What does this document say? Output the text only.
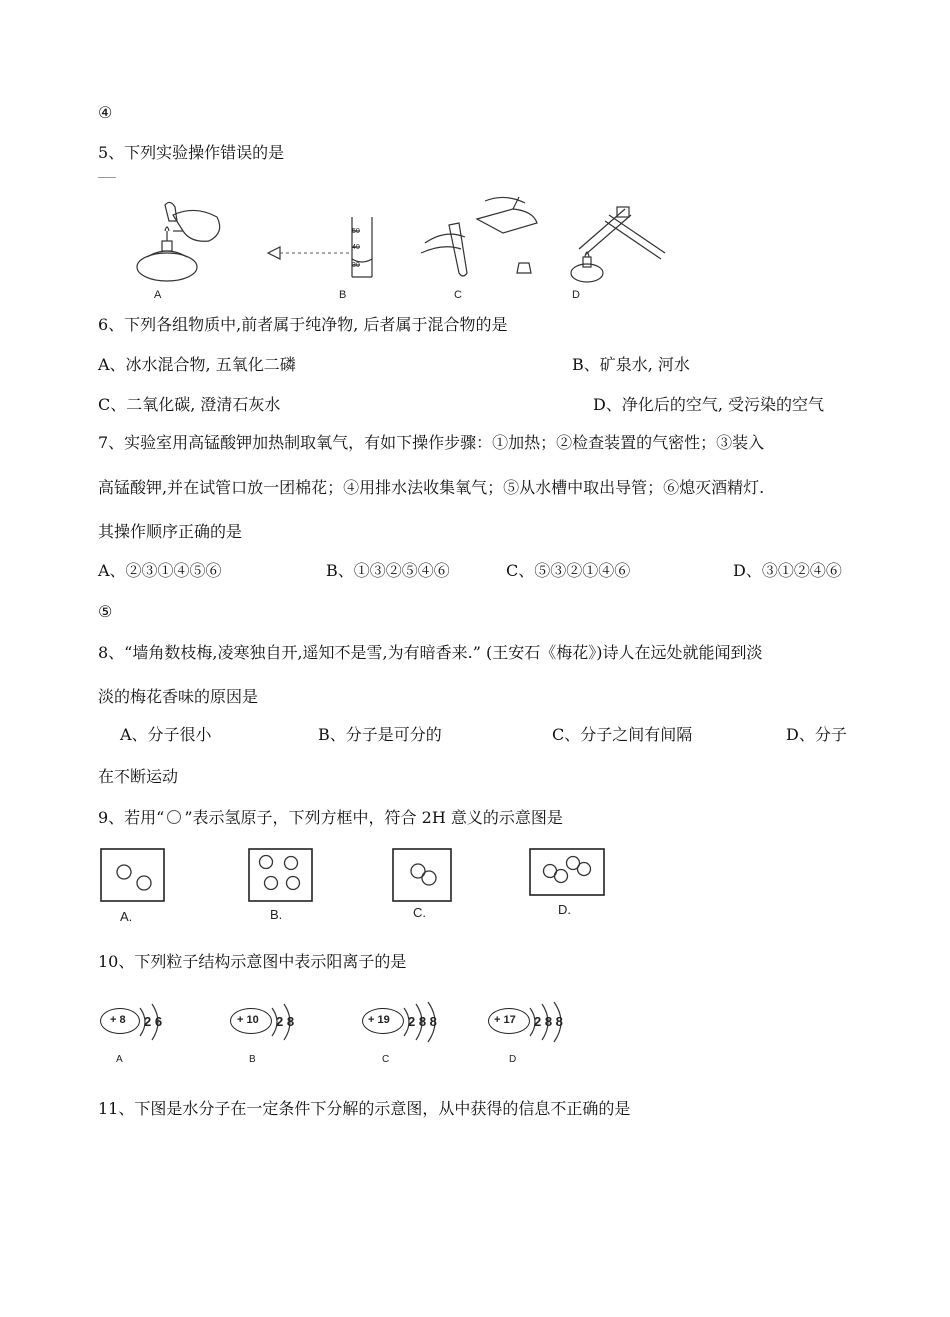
④
5、下列实验操作错误的是
A
50
40
30
B	C	D
6、下列各组物质中,前者属于纯净物, 后者属于混合物的是
A、冰水混合物, 五氧化二磷	B、矿泉水, 河水
C、二氧化碳, 澄清石灰水	D、净化后的空气, 受污染的空气
7、实验室用高锰酸钾加热制取氧气，有如下操作步骤：①加热；②检查装置的气密性；③装入
高锰酸钾,并在试管口放一团棉花；④用排水法收集氧气；⑤从水槽中取出导管；⑥熄灭酒精灯.
其操作顺序正确的是
A、②③①④⑤⑥	B、①③②⑤④⑥	C、⑤③②①④⑥	D、③①②④⑥
⑤
8、“墙角数枝梅,凌寒独自开,遥知不是雪,为有暗香来.” (王安石《梅花》)诗人在远处就能闻到淡
淡的梅花香味的原因是
A、分子很小	B、分子是可分的	C、分子之间有间隔	D、分子
在不断运动
9、若用“ ”表示氢原子，下列方框中，符合 2H 意义的示意图是
A.	B.	C.	D.
10、下列粒子结构示意图中表示阳离子的是
+ 8 2 6
A
+ 10 2 8
B
+ 19 2 8 8
C
+ 17 2 8 8
D
11、下图是水分子在一定条件下分解的示意图，从中获得的信息不正确的是
